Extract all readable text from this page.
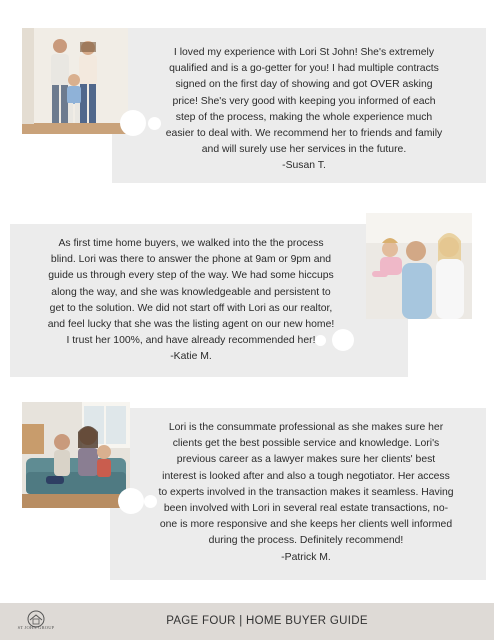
I loved my experience with Lori St John! She's extremely

qualified and is a go-getter for you! I had multiple contracts

signed on the first day of showing and got OVER asking

price! She's very good with keeping you informed of each

step of the process, making the whole experience much

easier to deal with. We recommend her to friends and family

and will surely use her services in the future.

-Susan T.

As first time home buyers, we walked into the the process

blind. Lori was there to answer the phone at 9am or 9pm and

guide us through every step of the way. We had some hiccups

along the way, and she was knowledgeable and persistent to

get to the solution. We did not start off with Lori as our realtor,

and feel lucky that she was the listing agent on our new home!

I trust her 100%, and have already recommended her!

-Katie M.

Lori is the consummate professional as she makes sure her

clients get the best possible service and knowledge. Lori's

previous career as a lawyer makes sure her clients' best

interest is looked after and also a tough negotiator. Her access

to experts involved in the transaction makes it seamless. Having

been involved with Lori in several real estate transactions, no-

one is more responsive and she keeps her clients well informed

during the process. Definitely recommend!

-Patrick M.

ST JOHN GROUP
PAGE FOUR | HOME BUYER GUIDE
